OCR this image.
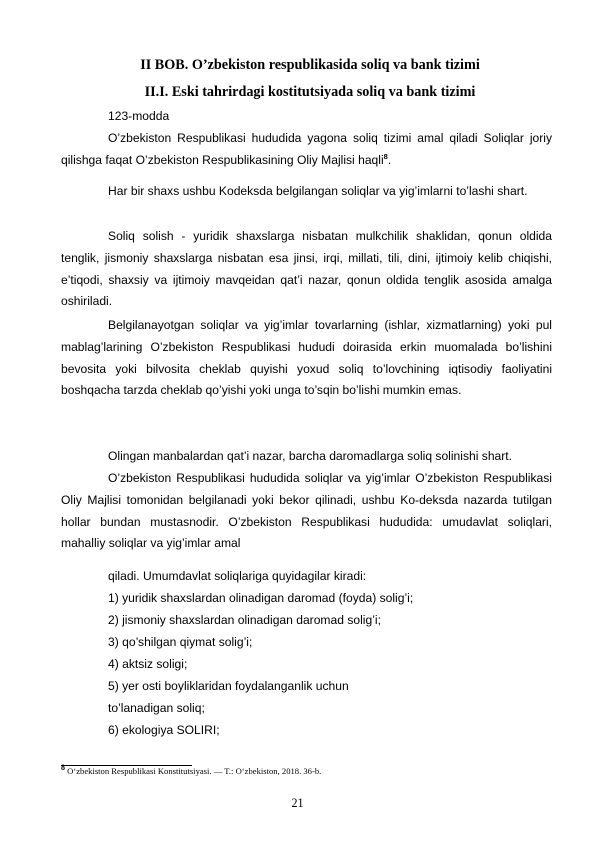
II BOB. O’zbekiston respublikasida soliq va bank tizimi
II.I. Eski tahrirdagi kostitutsiyada soliq va bank tizimi

123-modda

O’zbekiston Respublikasi hududida yagona soliq tizimi amal qiladi Soliqlar joriy qilishga faqat O’zbekiston Respublikasining Oliy Majlisi haqli$^8$.

Har bir shaxs ushbu Kodeksda belgilangan soliqlar va yig’imlarni to’lashi shart.

Soliq solish - yuridik shaxslarga nisbatan mulkchilik shaklidan, qonun oldida tenglik, jismoniy shaxslarga nisbatan esa jinsi, irqi, millati, tili, dini, ijtimoiy kelib chiqishi, e’tiqodi, shaxsiy va ijtimoiy mavqeidan qat’i nazar, qonun oldida tenglik asosida amalga oshiriladi.

Belgilanayotgan soliqlar va yig’imlar tovarlarning (ishlar, xizmatlarning) yoki pul mablag’larining O’zbekiston Respublikasi hududi doirasida erkin muomalada bo’lishini bevosita yoki bilvosita cheklab quyishi yoxud soliq to’lovchining iqtisodiy faoliyatini boshqacha tarzda cheklab qo’yishi yoki unga to’sqin bo’lishi mumkin emas.

Olingan manbalardan qat’i nazar, barcha daromadlarga soliq solinishi shart.

O’zbekiston Respublikasi hududida soliqlar va yig’imlar O’zbekiston Respublikasi Oliy Majlisi tomonidan belgilanadi yoki bekor qilinadi, ushbu Ko-deksda nazarda tutilgan hollar bundan mustasnodir. O’zbekiston Respublikasi hududida: umudavlat soliqlari, mahalliy soliqlar va yig’imlar amal

qiladi. Umumdavlat soliqlariga quyidagilar kiradi:

1) yuridik shaxslardan olinadigan daromad (foyda) solig’i;

2) jismoniy shaxslardan olinadigan daromad solig’i;

3) qo’shilgan qiymat solig’i;

4) aktsiz soligi;

5) yer osti boyliklaridan foydalanganlik uchun

to’lanadigan soliq;

6) ekologiya SOLIRI;

$^8$ O‘zbekiston Respublikasi Konstitutsiyasi. — T.: O‘zbekiston, 2018. 36-b.
21
